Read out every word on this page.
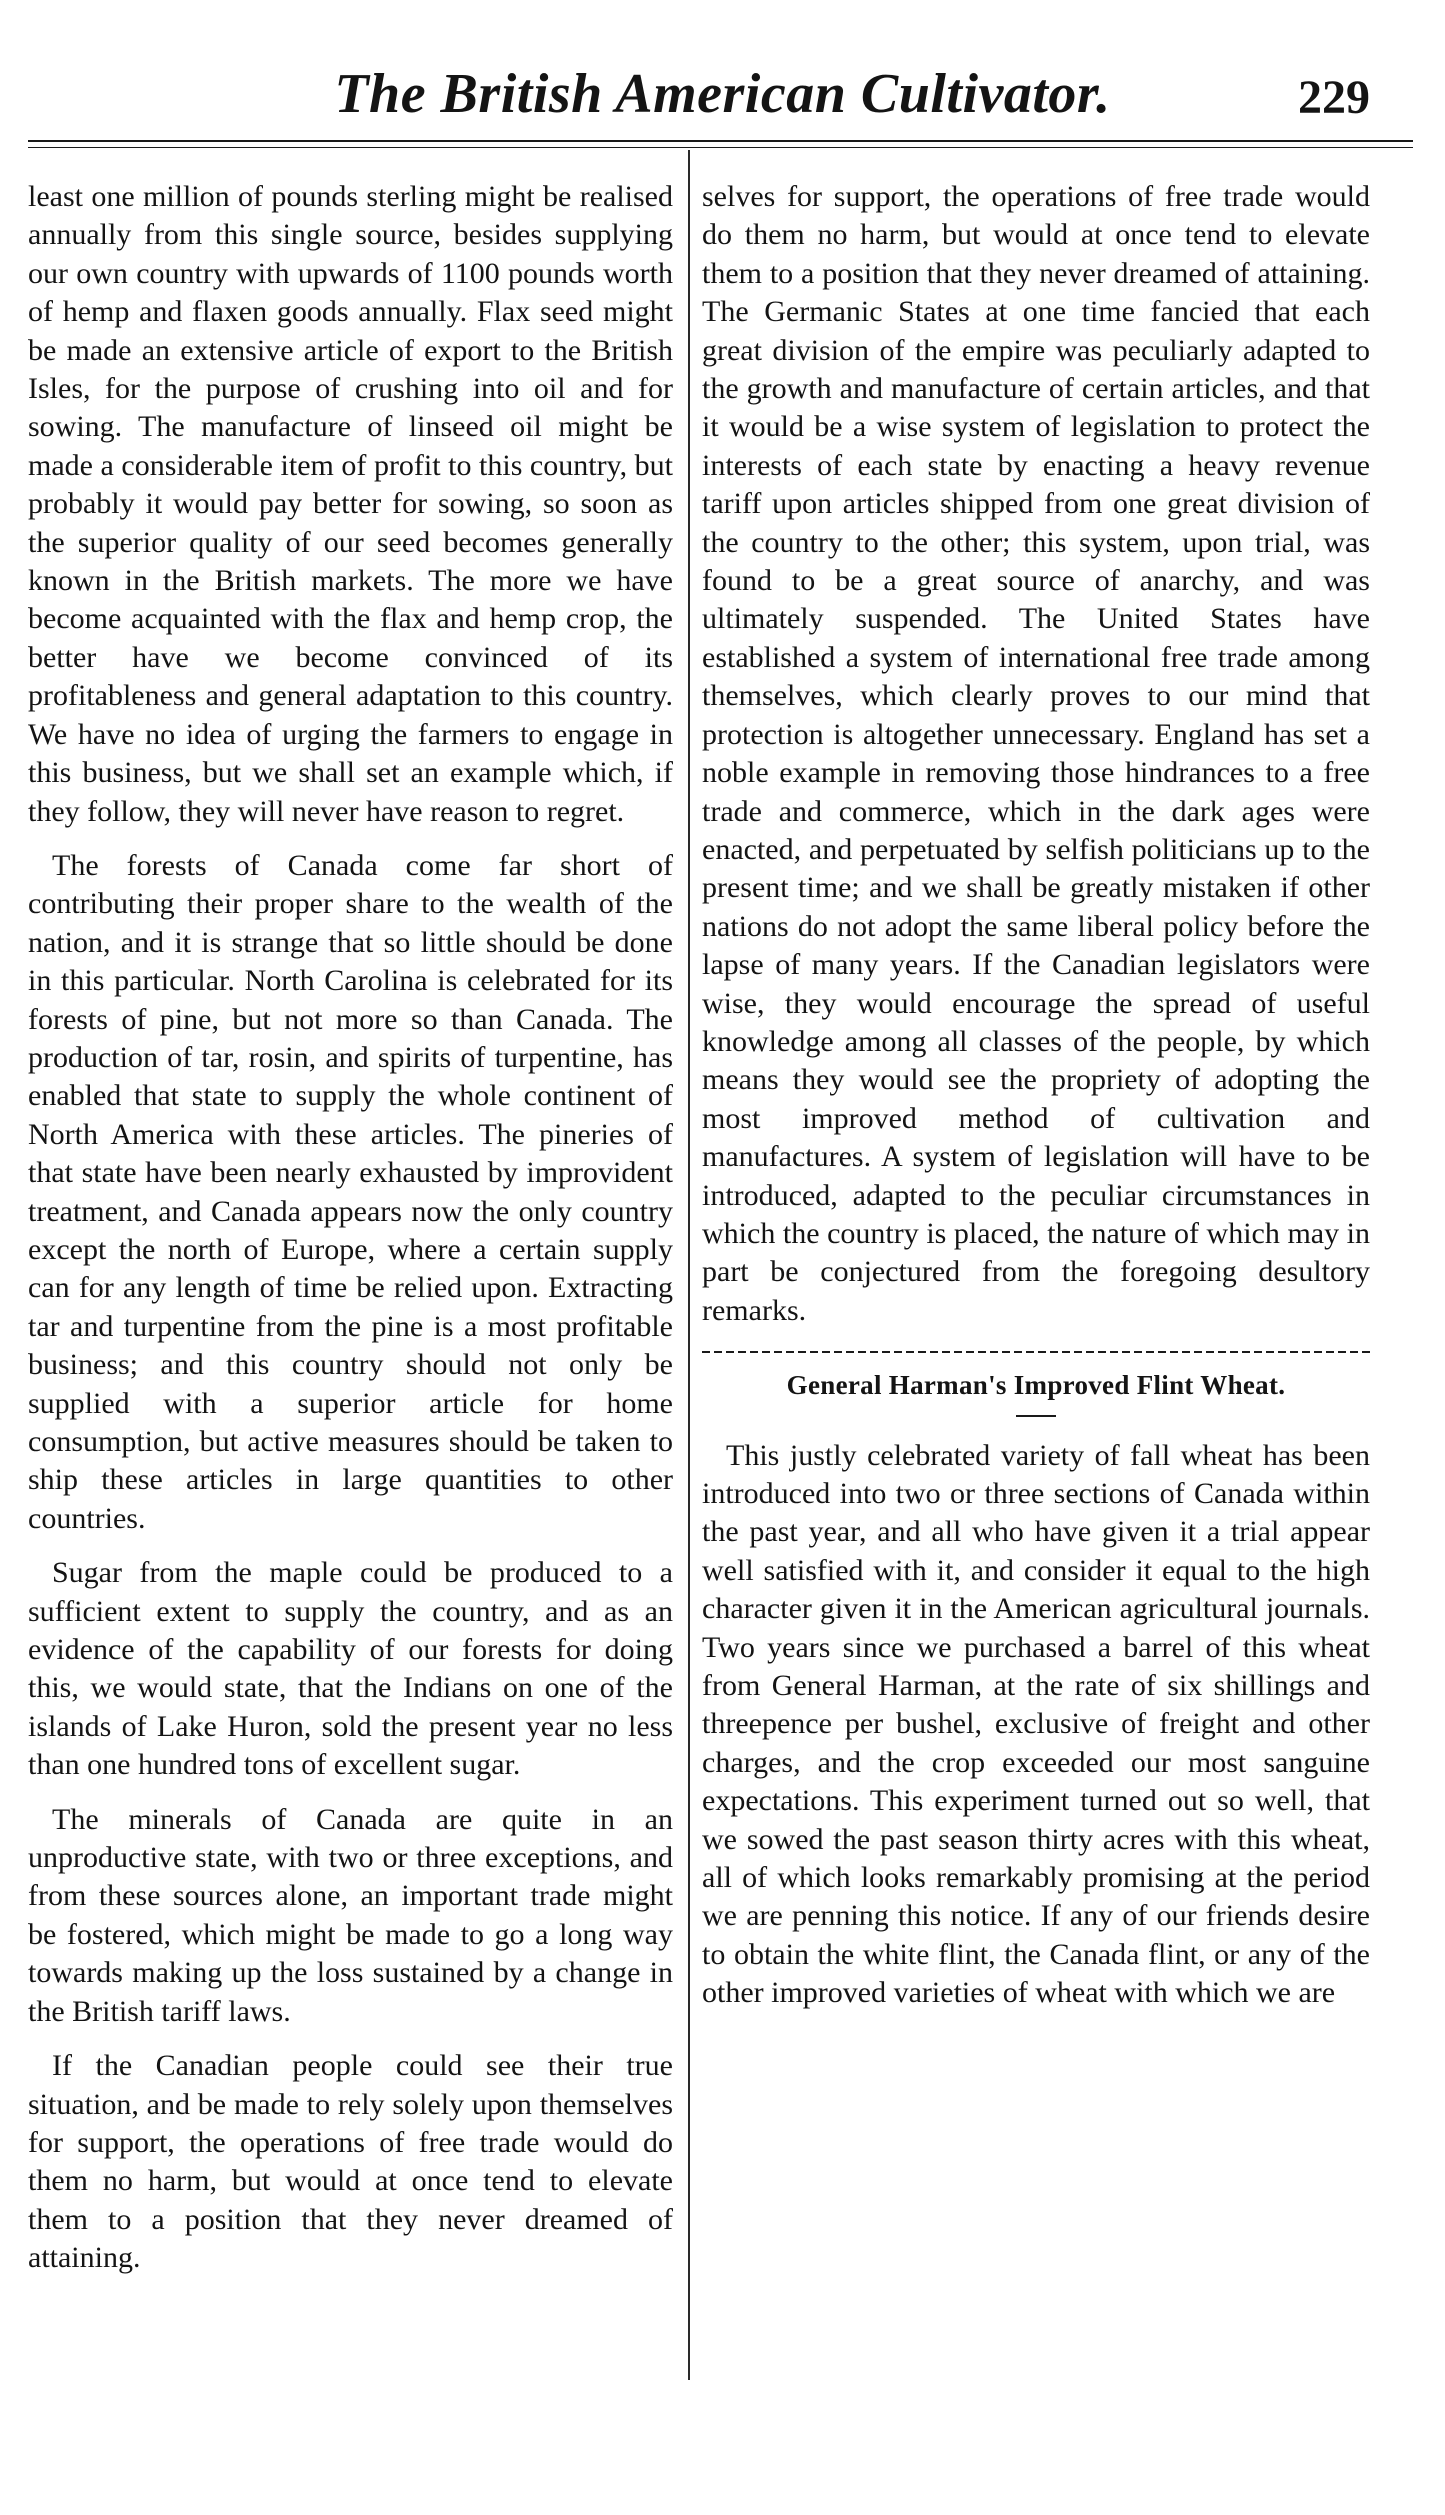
The British American Cultivator.	229

least one million of pounds sterling might be realised annually from this single source, besides supplying our own country with upwards of 1100 pounds worth of hemp and flaxen goods annually. Flax seed might be made an extensive article of export to the British Isles, for the purpose of crushing into oil and for sowing. The manufacture of linseed oil might be made a considerable item of profit to this country, but probably it would pay better for sowing, so soon as the superior quality of our seed becomes generally known in the British markets. The more we have become acquainted with the flax and hemp crop, the better have we become convinced of its profitableness and general adaptation to this country. We have no idea of urging the farmers to engage in this business, but we shall set an example which, if they follow, they will never have reason to regret.

The forests of Canada come far short of contributing their proper share to the wealth of the nation, and it is strange that so little should be done in this particular. North Carolina is celebrated for its forests of pine, but not more so than Canada. The production of tar, rosin, and spirits of turpentine, has enabled that state to supply the whole continent of North America with these articles. The pineries of that state have been nearly exhausted by improvident treatment, and Canada appears now the only country except the north of Europe, where a certain supply can for any length of time be relied upon. Extracting tar and turpentine from the pine is a most profitable business; and this country should not only be supplied with a superior article for home consumption, but active measures should be taken to ship these articles in large quantities to other countries.

Sugar from the maple could be produced to a sufficient extent to supply the country, and as an evidence of the capability of our forests for doing this, we would state, that the Indians on one of the islands of Lake Huron, sold the present year no less than one hundred tons of excellent sugar.

The minerals of Canada are quite in an unproductive state, with two or three exceptions, and from these sources alone, an important trade might be fostered, which might be made to go a long way towards making up the loss sustained by a change in the British tariff laws.

If the Canadian people could see their true situation, and be made to rely solely upon themselves for support, the operations of free trade would do them no harm, but would at once tend to elevate them to a position that they never dreamed of attaining.

selves for support, the operations of free trade would do them no harm, but would at once tend to elevate them to a position that they never dreamed of attaining. The Germanic States at one time fancied that each great division of the empire was peculiarly adapted to the growth and manufacture of certain articles, and that it would be a wise system of legislation to protect the interests of each state by enacting a heavy revenue tariff upon articles shipped from one great division of the country to the other; this system, upon trial, was found to be a great source of anarchy, and was ultimately suspended. The United States have established a system of international free trade among themselves, which clearly proves to our mind that protection is altogether unnecessary. England has set a noble example in removing those hindrances to a free trade and commerce, which in the dark ages were enacted, and perpetuated by selfish politicians up to the present time; and we shall be greatly mistaken if other nations do not adopt the same liberal policy before the lapse of many years. If the Canadian legislators were wise, they would encourage the spread of useful knowledge among all classes of the people, by which means they would see the propriety of adopting the most improved method of cultivation and manufactures. A system of legislation will have to be introduced, adapted to the peculiar circumstances in which the country is placed, the nature of which may in part be conjectured from the foregoing desultory remarks.

General Harman's Improved Flint Wheat.

This justly celebrated variety of fall wheat has been introduced into two or three sections of Canada within the past year, and all who have given it a trial appear well satisfied with it, and consider it equal to the high character given it in the American agricultural journals. Two years since we purchased a barrel of this wheat from General Harman, at the rate of six shillings and threepence per bushel, exclusive of freight and other charges, and the crop exceeded our most sanguine expectations. This experiment turned out so well, that we sowed the past season thirty acres with this wheat, all of which looks remarkably promising at the period we are penning this notice. If any of our friends desire to obtain the white flint, the Canada flint, or any of the other improved varieties of wheat with which we are
